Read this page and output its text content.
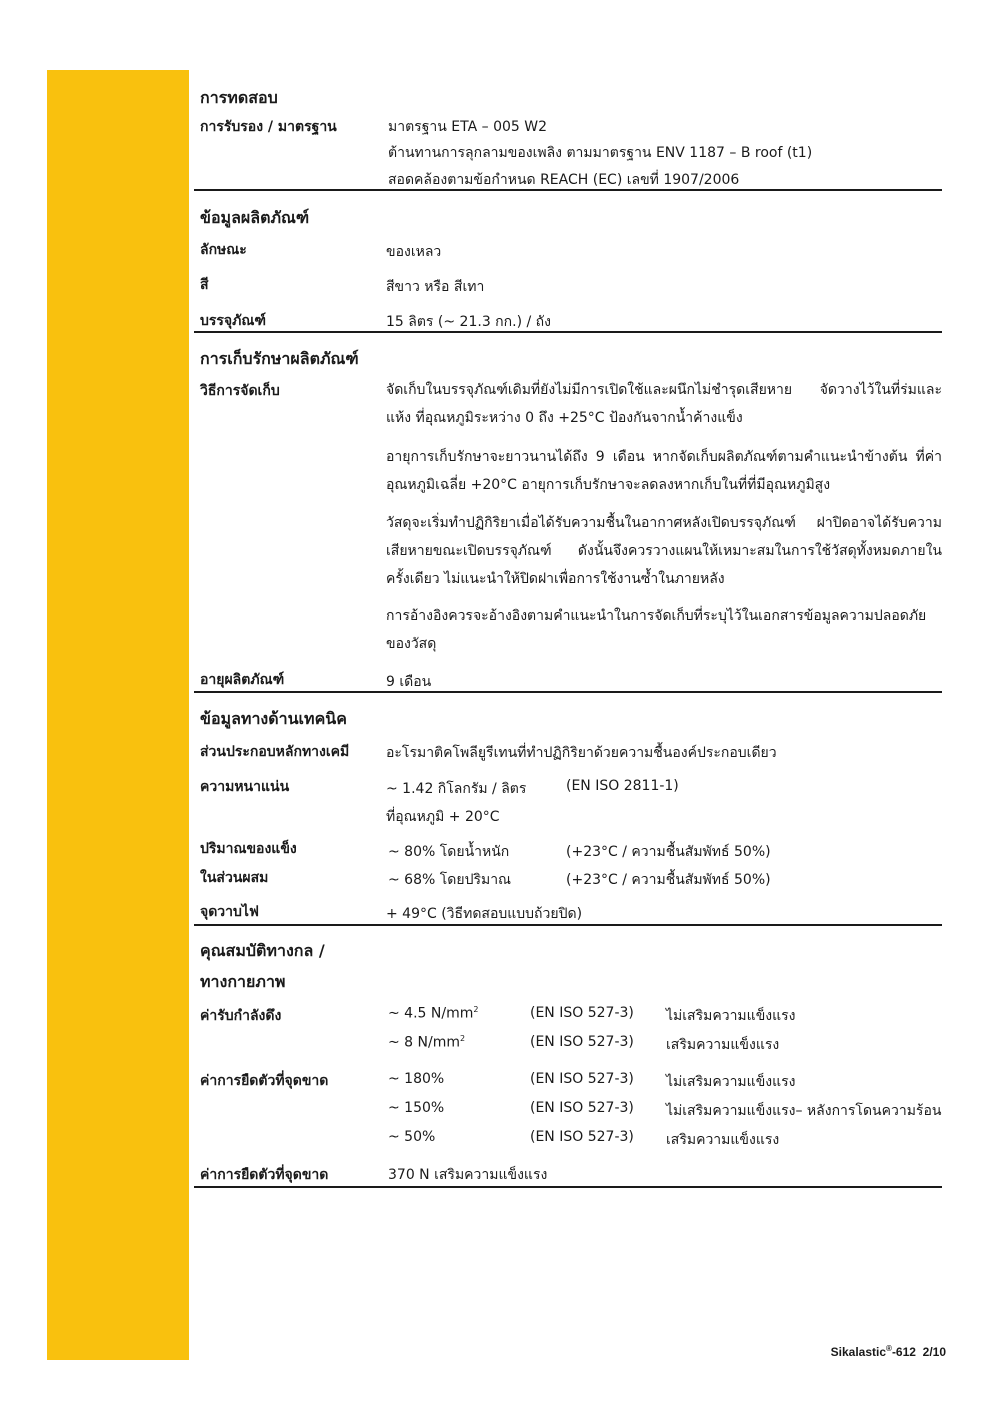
การทดสอบ
การรับรอง / มาตรฐาน	มาตรฐาน ETA – 005 W2
ต้านทานการลุกลามของเพลิง ตามมาตรฐาน ENV 1187 – B roof (t1)
สอดคล้องตามข้อกำหนด REACH (EC) เลขที่ 1907/2006
ข้อมูลผลิตภัณฑ์
ลักษณะ	ของเหลว
สี	สีขาว หรือ สีเทา
บรรจุภัณฑ์	15 ลิตร (~ 21.3 กก.) / ถัง
การเก็บรักษาผลิตภัณฑ์
วิธีการจัดเก็บ	จัดเก็บในบรรจุภัณฑ์เดิมที่ยังไม่มีการเปิดใช้และผนึกไม่ชำรุดเสียหาย จัดวางไว้ในที่ร่มและแห้ง ที่อุณหภูมิระหว่าง 0 ถึง +25°C ป้องกันจากน้ำค้างแข็ง
อายุการเก็บรักษาจะยาวนานได้ถึง 9 เดือน หากจัดเก็บผลิตภัณฑ์ตามคำแนะนำข้างต้น ที่ค่าอุณหภูมิเฉลี่ย +20°C อายุการเก็บรักษาจะลดลงหากเก็บในที่ที่มีอุณหภูมิสูง
วัสดุจะเริ่มทำปฏิกิริยาเมื่อได้รับความชื้นในอากาศหลังเปิดบรรจุภัณฑ์ ฝาปิดอาจได้รับความเสียหายขณะเปิดบรรจุภัณฑ์ ดังนั้นจึงควรวางแผนให้เหมาะสมในการใช้วัสดุทั้งหมดภายในครั้งเดียว ไม่แนะนำให้ปิดฝาเพื่อการใช้งานซ้ำในภายหลัง
การอ้างอิงควรจะอ้างอิงตามคำแนะนำในการจัดเก็บที่ระบุไว้ในเอกสารข้อมูลความปลอดภัยของวัสดุ
อายุผลิตภัณฑ์	9 เดือน
ข้อมูลทางด้านเทคนิค
ส่วนประกอบหลักทางเคมี	อะโรมาติคโพลียูรีเทนที่ทำปฏิกิริยาด้วยความชื้นองค์ประกอบเดียว
ความหนาแน่น	~ 1.42 กิโลกรัม / ลิตร	(EN ISO 2811-1)
ที่อุณหภูมิ + 20°C
ปริมาณของแข็ง
ในส่วนผสม
~ 80% โดยน้ำหนัก	(+23°C / ความชื้นสัมพัทธ์ 50%)
~ 68% โดยปริมาณ	(+23°C / ความชื้นสัมพัทธ์ 50%)
จุดวาบไฟ	+ 49°C (วิธีทดสอบแบบถ้วยปิด)
คุณสมบัติทางกล /
ทางกายภาพ
ค่ารับกำลังดึง	~ 4.5 $N/mm^2$	(EN ISO 527-3) ไม่เสริมความแข็งแรง
~ 8 $N/mm^2$	(EN ISO 527-3) เสริมความแข็งแรง
ค่าการยืดตัวที่จุดขาด	~ 180%	(EN ISO 527-3) ไม่เสริมความแข็งแรง
~ 150%	(EN ISO 527-3) ไม่เสริมความแข็งแรง– หลังการโดนความร้อน
~ 50%	(EN ISO 527-3) เสริมความแข็งแรง
ค่าการยืดตัวที่จุดขาด	370 N เสริมความแข็งแรง
Sikalastic®-612 2/10
